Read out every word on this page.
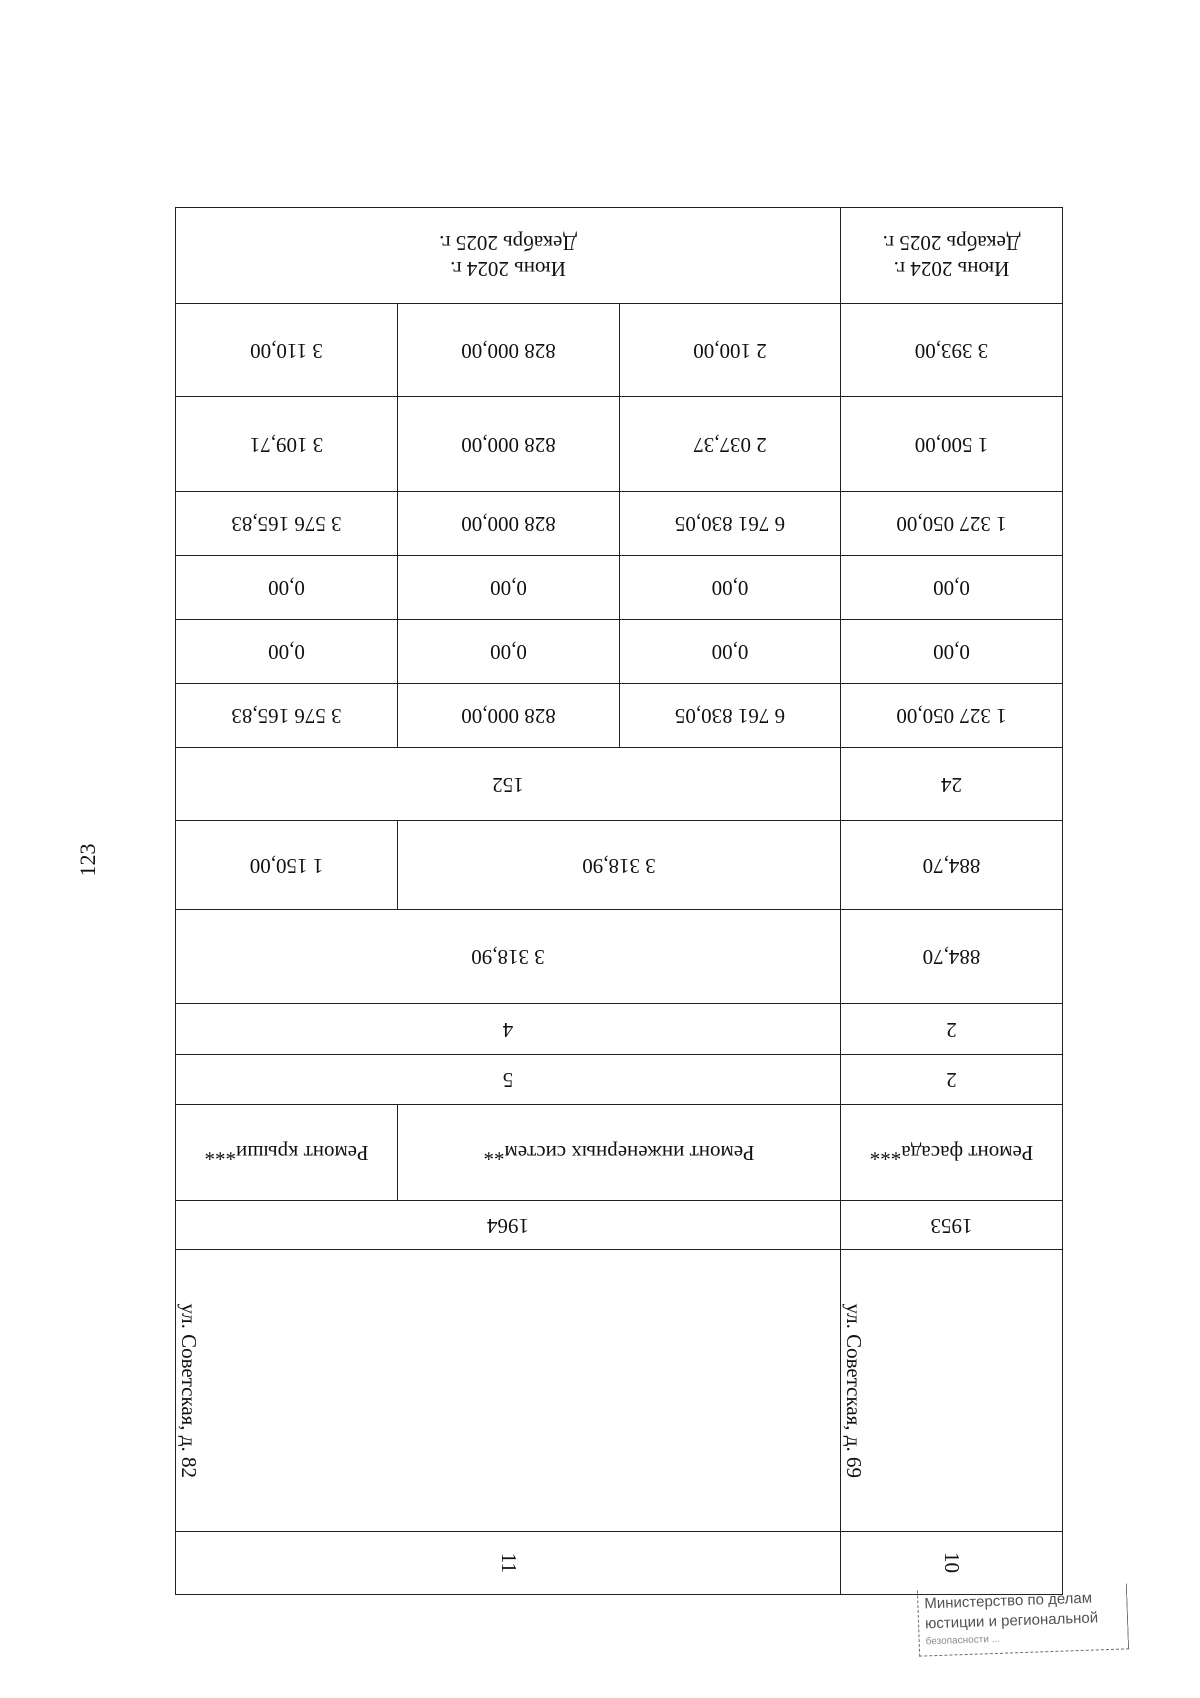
123
10
11
ул. Советская, д. 69
ул. Советская, д. 82
1953
1964
Ремонт фасада***
Ремонт инженерных систем**
Ремонт крыши***
2
5
2
4
884,70
3 318,90
884,70
3 318,90
1 150,00
24
152
1 327 050,00
6 761 830,05
828 000,00
3 576 165,83
0,00
0,00
0,00
0,00
0,00
0,00
0,00
0,00
1 327 050,00
6 761 830,05
828 000,00
3 576 165,83
1 500,00
2 037,37
828 000,00
3 109,71
3 393,00
2 100,00
828 000,00
3 110,00
Июнь 2024 г.
Декабрь 2025 г.
Июнь 2024 г.
Декабрь 2025 г.
Министерство по делам
юстиции и региональной
безопасности ...
